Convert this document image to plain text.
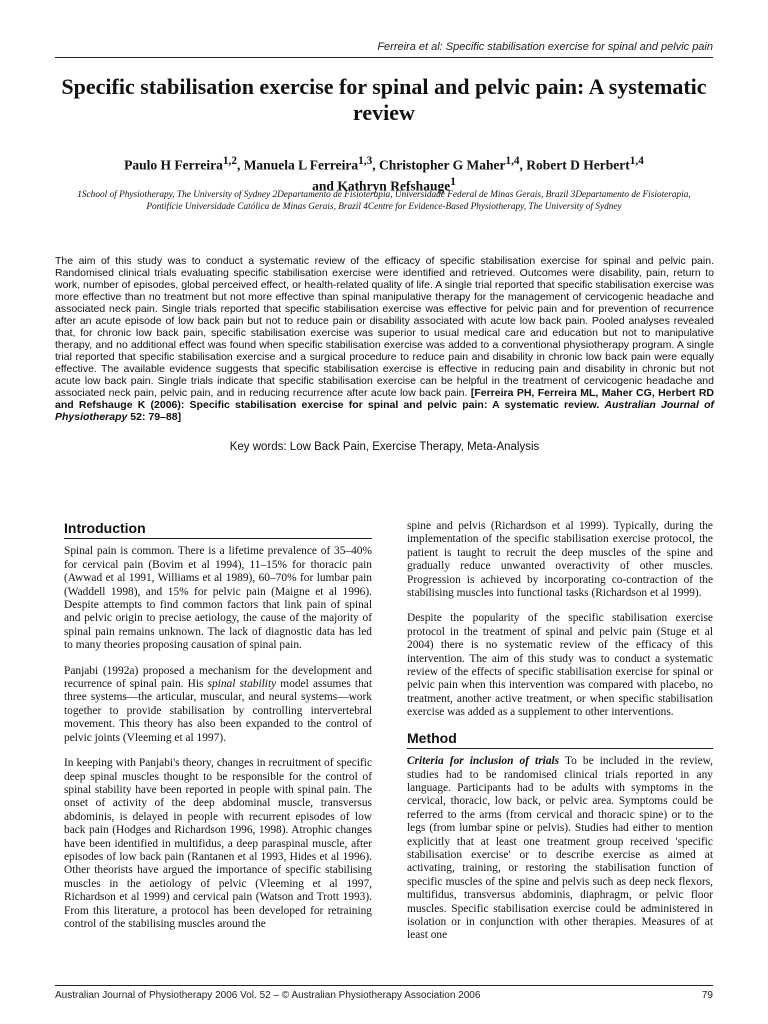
Ferreira et al: Specific stabilisation exercise for spinal and pelvic pain
Specific stabilisation exercise for spinal and pelvic pain: A systematic review
Paulo H Ferreira$^{1,2}$, Manuela L Ferreira$^{1,3}$, Christopher G Maher$^{1,4}$, Robert D Herbert$^{1,4}$
and Kathryn Refshauge$^1$
1School of Physiotherapy, The University of Sydney 2Departamento de Fisioterapia, Universidade Federal de Minas Gerais, Brazil 3Departamento de Fisioterapia, Pontifície Universidade Católica de Minas Gerais, Brazil 4Centre for Evidence-Based Physiotherapy, The University of Sydney

The aim of this study was to conduct a systematic review of the efficacy of specific stabilisation exercise for spinal and pelvic pain. Randomised clinical trials evaluating specific stabilisation exercise were identified and retrieved. Outcomes were disability, pain, return to work, number of episodes, global perceived effect, or health-related quality of life. A single trial reported that specific stabilisation exercise was more effective than no treatment but not more effective than spinal manipulative therapy for the management of cervicogenic headache and associated neck pain. Single trials reported that specific stabilisation exercise was effective for pelvic pain and for prevention of recurrence after an acute episode of low back pain but not to reduce pain or disability associated with acute low back pain. Pooled analyses revealed that, for chronic low back pain, specific stabilisation exercise was superior to usual medical care and education but not to manipulative therapy, and no additional effect was found when specific stabilisation exercise was added to a conventional physiotherapy program. A single trial reported that specific stabilisation exercise and a surgical procedure to reduce pain and disability in chronic low back pain were equally effective. The available evidence suggests that specific stabilisation exercise is effective in reducing pain and disability in chronic but not acute low back pain. Single trials indicate that specific stabilisation exercise can be helpful in the treatment of cervicogenic headache and associated neck pain, pelvic pain, and in reducing recurrence after acute low back pain. [Ferreira PH, Ferreira ML, Maher CG, Herbert RD and Refshauge K (2006): Specific stabilisation exercise for spinal and pelvic pain: A systematic review. Australian Journal of Physiotherapy 52: 79–88]

Key words: Low Back Pain, Exercise Therapy, Meta-Analysis
Introduction

Spinal pain is common. There is a lifetime prevalence of 35–40% for cervical pain (Bovim et al 1994), 11–15% for thoracic pain (Awwad et al 1991, Williams et al 1989), 60–70% for lumbar pain (Waddell 1998), and 15% for pelvic pain (Maigne et al 1996). Despite attempts to find common factors that link pain of spinal and pelvic origin to precise aetiology, the cause of the majority of spinal pain remains unknown. The lack of diagnostic data has led to many theories proposing causation of spinal pain.

Panjabi (1992a) proposed a mechanism for the development and recurrence of spinal pain. His spinal stability model assumes that three systems—the articular, muscular, and neural systems—work together to provide stabilisation by controlling intervertebral movement. This theory has also been expanded to the control of pelvic joints (Vleeming et al 1997).

In keeping with Panjabi's theory, changes in recruitment of specific deep spinal muscles thought to be responsible for the control of spinal stability have been reported in people with spinal pain. The onset of activity of the deep abdominal muscle, transversus abdominis, is delayed in people with recurrent episodes of low back pain (Hodges and Richardson 1996, 1998). Atrophic changes have been identified in multifidus, a deep paraspinal muscle, after episodes of low back pain (Rantanen et al 1993, Hides et al 1996). Other theorists have argued the importance of specific stabilising muscles in the aetiology of pelvic (Vleeming et al 1997, Richardson et al 1999) and cervical pain (Watson and Trott 1993). From this literature, a protocol has been developed for retraining control of the stabilising muscles around the

spine and pelvis (Richardson et al 1999). Typically, during the implementation of the specific stabilisation exercise protocol, the patient is taught to recruit the deep muscles of the spine and gradually reduce unwanted overactivity of other muscles. Progression is achieved by incorporating co-contraction of the stabilising muscles into functional tasks (Richardson et al 1999).

Despite the popularity of the specific stabilisation exercise protocol in the treatment of spinal and pelvic pain (Stuge et al 2004) there is no systematic review of the efficacy of this intervention. The aim of this study was to conduct a systematic review of the effects of specific stabilisation exercise for spinal or pelvic pain when this intervention was compared with placebo, no treatment, another active treatment, or when specific stabilisation exercise was added as a supplement to other interventions.

Method

Criteria for inclusion of trials To be included in the review, studies had to be randomised clinical trials reported in any language. Participants had to be adults with symptoms in the cervical, thoracic, low back, or pelvic area. Symptoms could be referred to the arms (from cervical and thoracic spine) or to the legs (from lumbar spine or pelvis). Studies had either to mention explicitly that at least one treatment group received 'specific stabilisation exercise' or to describe exercise as aimed at activating, training, or restoring the stabilisation function of specific muscles of the spine and pelvis such as deep neck flexors, multifidus, transversus abdominis, diaphragm, or pelvic floor muscles. Specific stabilisation exercise could be administered in isolation or in conjunction with other therapies. Measures of at least one

Australian Journal of Physiotherapy 2006 Vol. 52 – © Australian Physiotherapy Association 2006	79
